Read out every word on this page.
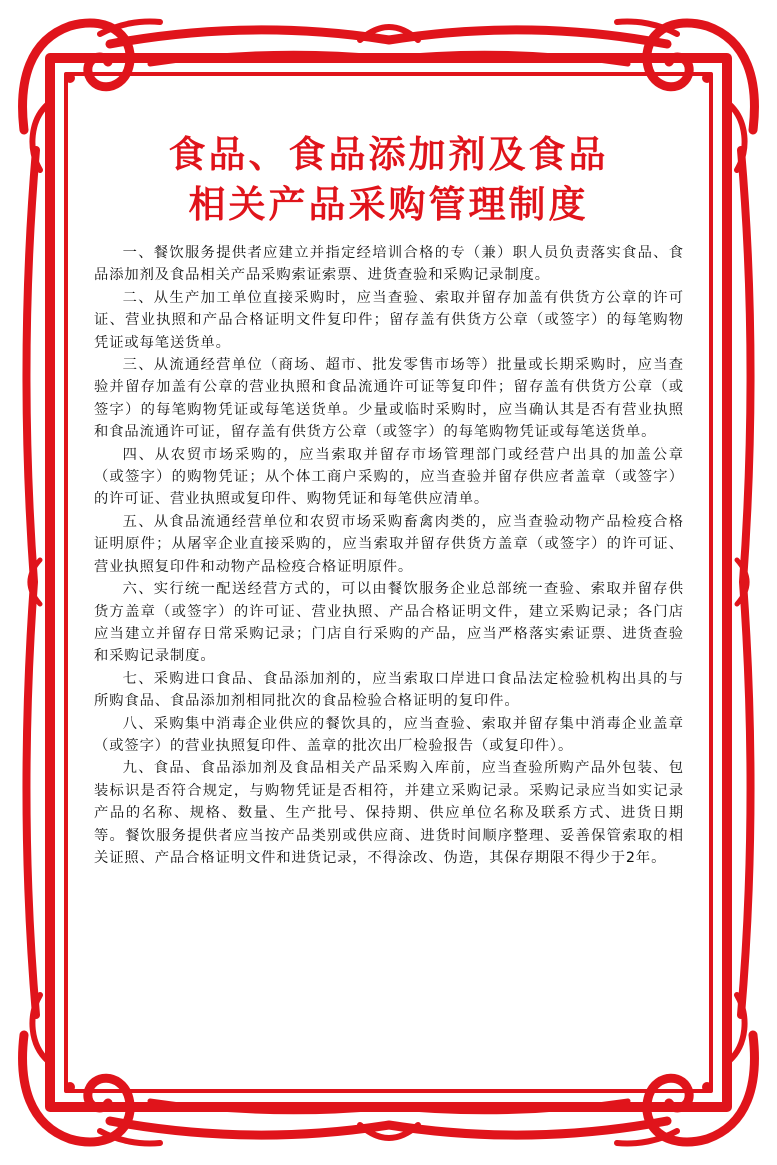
食品、食品添加剂及食品
相关产品采购管理制度

一、餐饮服务提供者应建立并指定经培训合格的专（兼）职人员负责落实食品、食品添加剂及食品相关产品采购索证索票、进货查验和采购记录制度。

二、从生产加工单位直接采购时，应当查验、索取并留存加盖有供货方公章的许可证、营业执照和产品合格证明文件复印件；留存盖有供货方公章（或签字）的每笔购物凭证或每笔送货单。

三、从流通经营单位（商场、超市、批发零售市场等）批量或长期采购时，应当查验并留存加盖有公章的营业执照和食品流通许可证等复印件；留存盖有供货方公章（或签字）的每笔购物凭证或每笔送货单。少量或临时采购时，应当确认其是否有营业执照和食品流通许可证，留存盖有供货方公章（或签字）的每笔购物凭证或每笔送货单。

四、从农贸市场采购的，应当索取并留存市场管理部门或经营户出具的加盖公章（或签字）的购物凭证；从个体工商户采购的，应当查验并留存供应者盖章（或签字）的许可证、营业执照或复印件、购物凭证和每笔供应清单。

五、从食品流通经营单位和农贸市场采购畜禽肉类的，应当查验动物产品检疫合格证明原件；从屠宰企业直接采购的，应当索取并留存供货方盖章（或签字）的许可证、营业执照复印件和动物产品检疫合格证明原件。

六、实行统一配送经营方式的，可以由餐饮服务企业总部统一查验、索取并留存供货方盖章（或签字）的许可证、营业执照、产品合格证明文件，建立采购记录；各门店应当建立并留存日常采购记录；门店自行采购的产品，应当严格落实索证票、进货查验和采购记录制度。

七、采购进口食品、食品添加剂的，应当索取口岸进口食品法定检验机构出具的与所购食品、食品添加剂相同批次的食品检验合格证明的复印件。

八、采购集中消毒企业供应的餐饮具的，应当查验、索取并留存集中消毒企业盖章（或签字）的营业执照复印件、盖章的批次出厂检验报告（或复印件）。

九、食品、食品添加剂及食品相关产品采购入库前，应当查验所购产品外包装、包装标识是否符合规定，与购物凭证是否相符，并建立采购记录。采购记录应当如实记录产品的名称、规格、数量、生产批号、保持期、供应单位名称及联系方式、进货日期等。餐饮服务提供者应当按产品类别或供应商、进货时间顺序整理、妥善保管索取的相关证照、产品合格证明文件和进货记录，不得涂改、伪造，其保存期限不得少于2年。
